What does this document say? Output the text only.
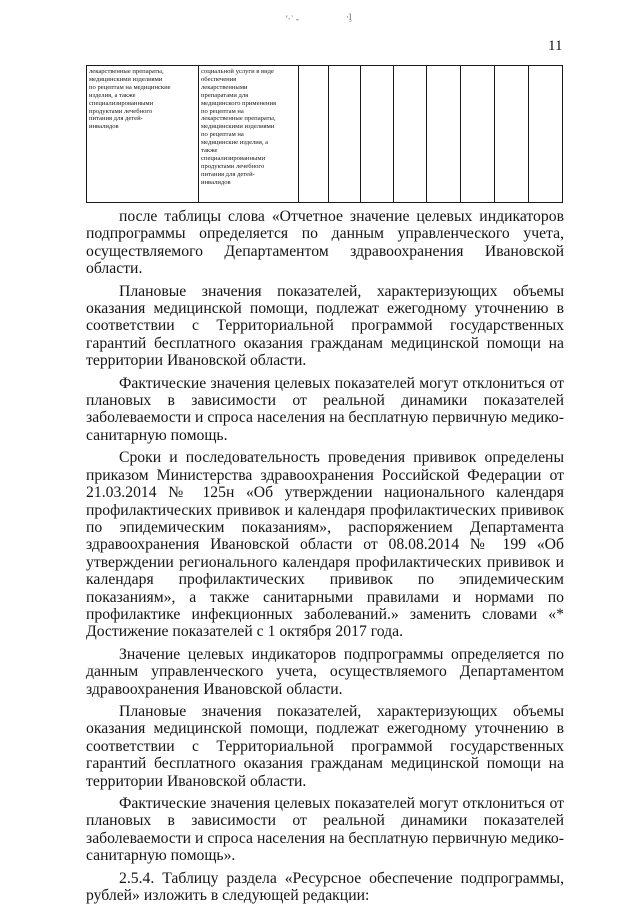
'·˙ -	·ᶅ
11
лекарственные препараты,
медицинскими изделиями
по рецептам на медицинские
изделия, а также
специализированными
продуктами лечебного
питания для детей-
инвалидов

социальной услуги в виде
обеспечения
лекарственными
препаратами для
медицинского применения
по рецептам на
лекарственные препараты,
медицинскими изделиями
по рецептам на
медицинские изделия, а
также
специализированными
продуктами лечебного
питания для детей-
инвалидов

после таблицы слова «Отчетное значение целевых индикаторов подпрограммы определяется по данным управленческого учета, осуществляемого Департаментом здравоохранения Ивановской области.

Плановые значения показателей, характеризующих объемы оказания медицинской помощи, подлежат ежегодному уточнению в соответствии с Территориальной программой государственных гарантий бесплатного оказания гражданам медицинской помощи на территории Ивановской области.

Фактические значения целевых показателей могут отклониться от плановых в зависимости от реальной динамики показателей заболеваемости и спроса населения на бесплатную первичную медико-санитарную помощь.

Сроки и последовательность проведения прививок определены приказом Министерства здравоохранения Российской Федерации от 21.03.2014 № 125н «Об утверждении национального календаря профилактических прививок и календаря профилактических прививок по эпидемическим показаниям», распоряжением Департамента здравоохранения Ивановской области от 08.08.2014 № 199 «Об утверждении регионального календаря профилактических прививок и календаря профилактических прививок по эпидемическим показаниям», а также санитарными правилами и нормами по профилактике инфекционных заболеваний.» заменить словами «* Достижение показателей с 1 октября 2017 года.

Значение целевых индикаторов подпрограммы определяется по данным управленческого учета, осуществляемого Департаментом здравоохранения Ивановской области.

Плановые значения показателей, характеризующих объемы оказания медицинской помощи, подлежат ежегодному уточнению в соответствии с Территориальной программой государственных гарантий бесплатного оказания гражданам медицинской помощи на территории Ивановской области.

Фактические значения целевых показателей могут отклониться от плановых в зависимости от реальной динамики показателей заболеваемости и спроса населения на бесплатную первичную медико-санитарную помощь».

2.5.4. Таблицу раздела «Ресурсное обеспечение подпрограммы, рублей» изложить в следующей редакции:
